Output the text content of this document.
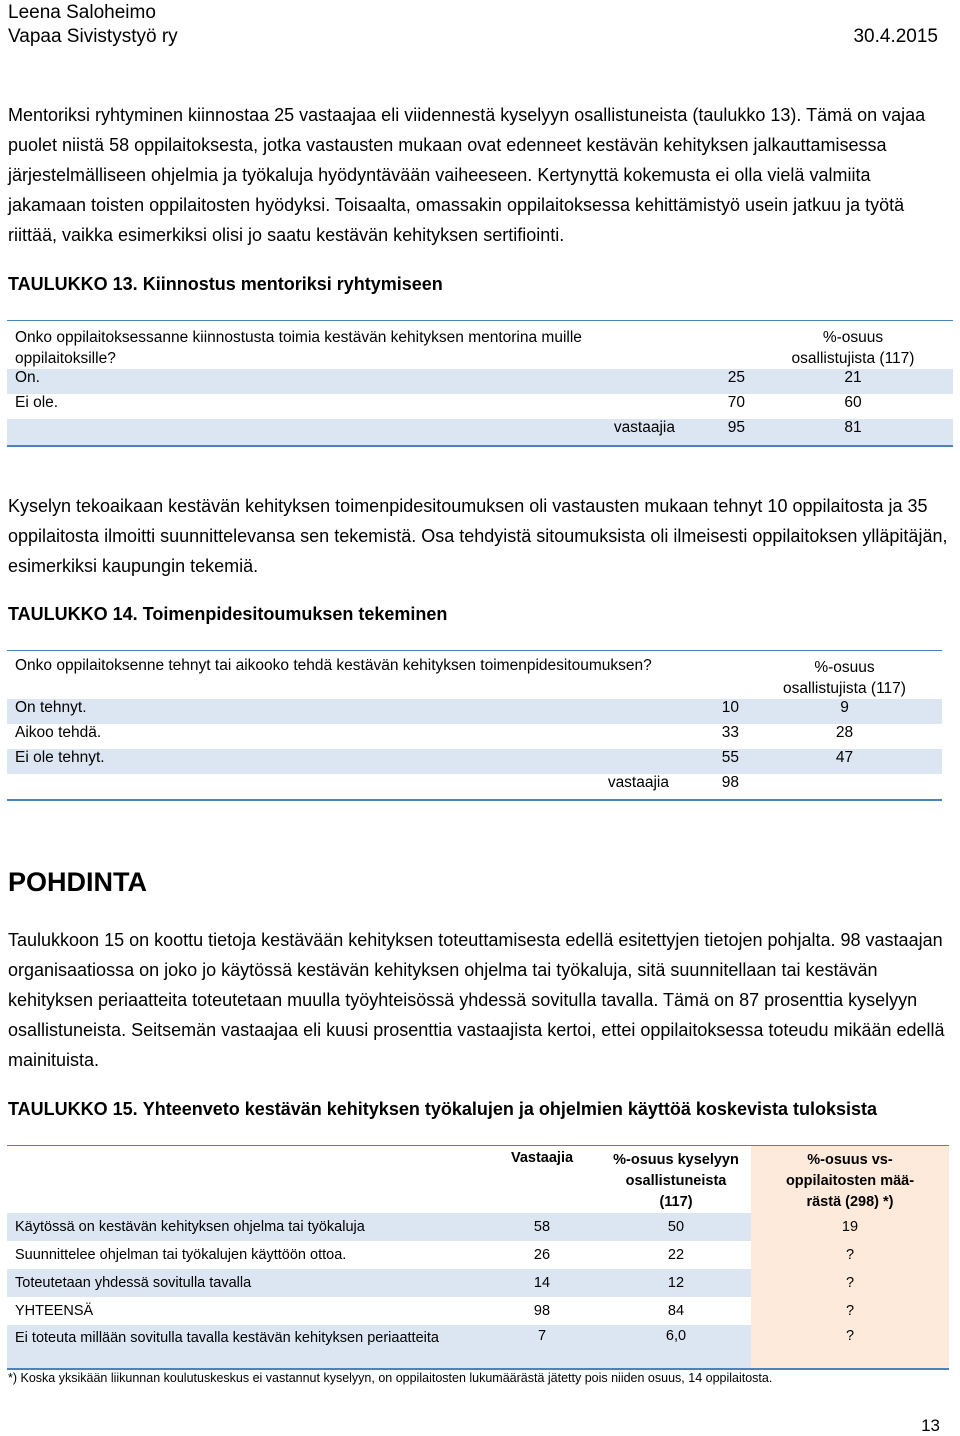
Leena Saloheimo
Vapaa Sivistystyö ry	30.4.2015

Mentoriksi ryhtyminen kiinnostaa 25 vastaajaa eli viidennestä kyselyyn osallistuneista (taulukko 13). Tämä on vajaa puolet niistä 58 oppilaitoksesta, jotka vastausten mukaan ovat edenneet kestävän kehityksen jalkauttamisessa järjestelmälliseen ohjelmia ja työkaluja hyödyntävään vaiheeseen. Kertynyttä kokemusta ei olla vielä valmiita jakamaan toisten oppilaitosten hyödyksi. Toisaalta, omassakin oppilaitoksessa kehittämistyö usein jatkuu ja työtä riittää, vaikka esimerkiksi olisi jo saatu kestävän kehityksen sertifiointi.

TAULUKKO 13. Kiinnostus mentoriksi ryhtymiseen
Onko oppilaitoksessanne kiinnostusta toimia kestävän kehityksen mentorina muille oppilaitoksille?		%-osuus
osallistujista (117)
On.	25	21
Ei ole.	70	60
vastaajia	95	81

Kyselyn tekoaikaan kestävän kehityksen toimenpidesitoumuksen oli vastausten mukaan tehnyt 10 oppilaitosta ja 35 oppilaitosta ilmoitti suunnittelevansa sen tekemistä. Osa tehdyistä sitoumuksista oli ilmeisesti oppilaitoksen ylläpitäjän, esimerkiksi kaupungin tekemiä.

TAULUKKO 14. Toimenpidesitoumuksen tekeminen
Onko oppilaitoksenne tehnyt tai aikooko tehdä kestävän kehityksen toimenpidesitoumuksen?		%-osuus
osallistujista (117)
On tehnyt.	10	9
Aikoo tehdä.	33	28
Ei ole tehnyt.	55	47
vastaajia	98	
POHDINTA

Taulukkoon 15 on koottu tietoja kestävään kehityksen toteuttamisesta edellä esitettyjen tietojen pohjalta. 98 vastaajan organisaatiossa on joko jo käytössä kestävän kehityksen ohjelma tai työkaluja, sitä suunnitellaan tai kestävän kehityksen periaatteita toteutetaan muulla työyhteisössä yhdessä sovitulla tavalla. Tämä on 87 prosenttia kyselyyn osallistuneista. Seitsemän vastaajaa eli kuusi prosenttia vastaajista kertoi, ettei oppilaitoksessa toteudu mikään edellä mainituista.

TAULUKKO 15. Yhteenveto kestävän kehityksen työkalujen ja ohjelmien käyttöä koskevista tuloksista
	Vastaajia	%-osuus kyselyyn
osallistuneista (117)	%-osuus vs-
oppilaitosten mää-
rästä (298) *)
Käytössä on kestävän kehityksen ohjelma tai työkaluja	58	50	19
Suunnittelee ohjelman tai työkalujen käyttöön ottoa.	26	22	?
Toteutetaan yhdessä sovitulla tavalla	14	12	?
YHTEENSÄ	98	84	?
Ei toteuta millään sovitulla tavalla kestävän kehityksen periaatteita	7	6,0	?
*) Koska yksikään liikunnan koulutuskeskus ei vastannut kyselyyn, on oppilaitosten lukumäärästä jätetty pois niiden osuus, 14 oppilaitosta.
13
